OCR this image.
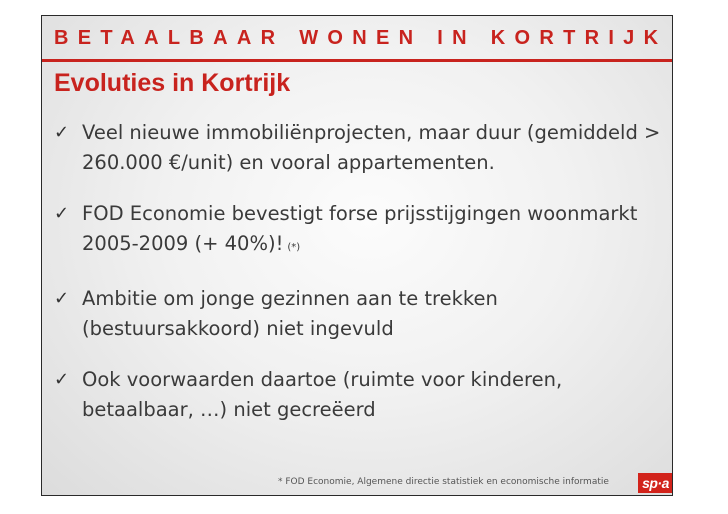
BETAALBAAR WONEN IN KORTRIJK
Evoluties in Kortrijk
✓ Veel nieuwe immobiliënprojecten, maar duur (gemiddeld > 260.000 €/unit) en vooral appartementen.
✓ FOD Economie bevestigt forse prijsstijgingen woonmarkt 2005-2009 (+ 40%)! (*)
✓ Ambitie om jonge gezinnen aan te trekken (bestuursakkoord) niet ingevuld
✓ Ook voorwaarden daartoe (ruimte voor kinderen, betaalbaar, …) niet gecreëerd
* FOD Economie, Algemene directie statistiek en economische informatie sp·a
